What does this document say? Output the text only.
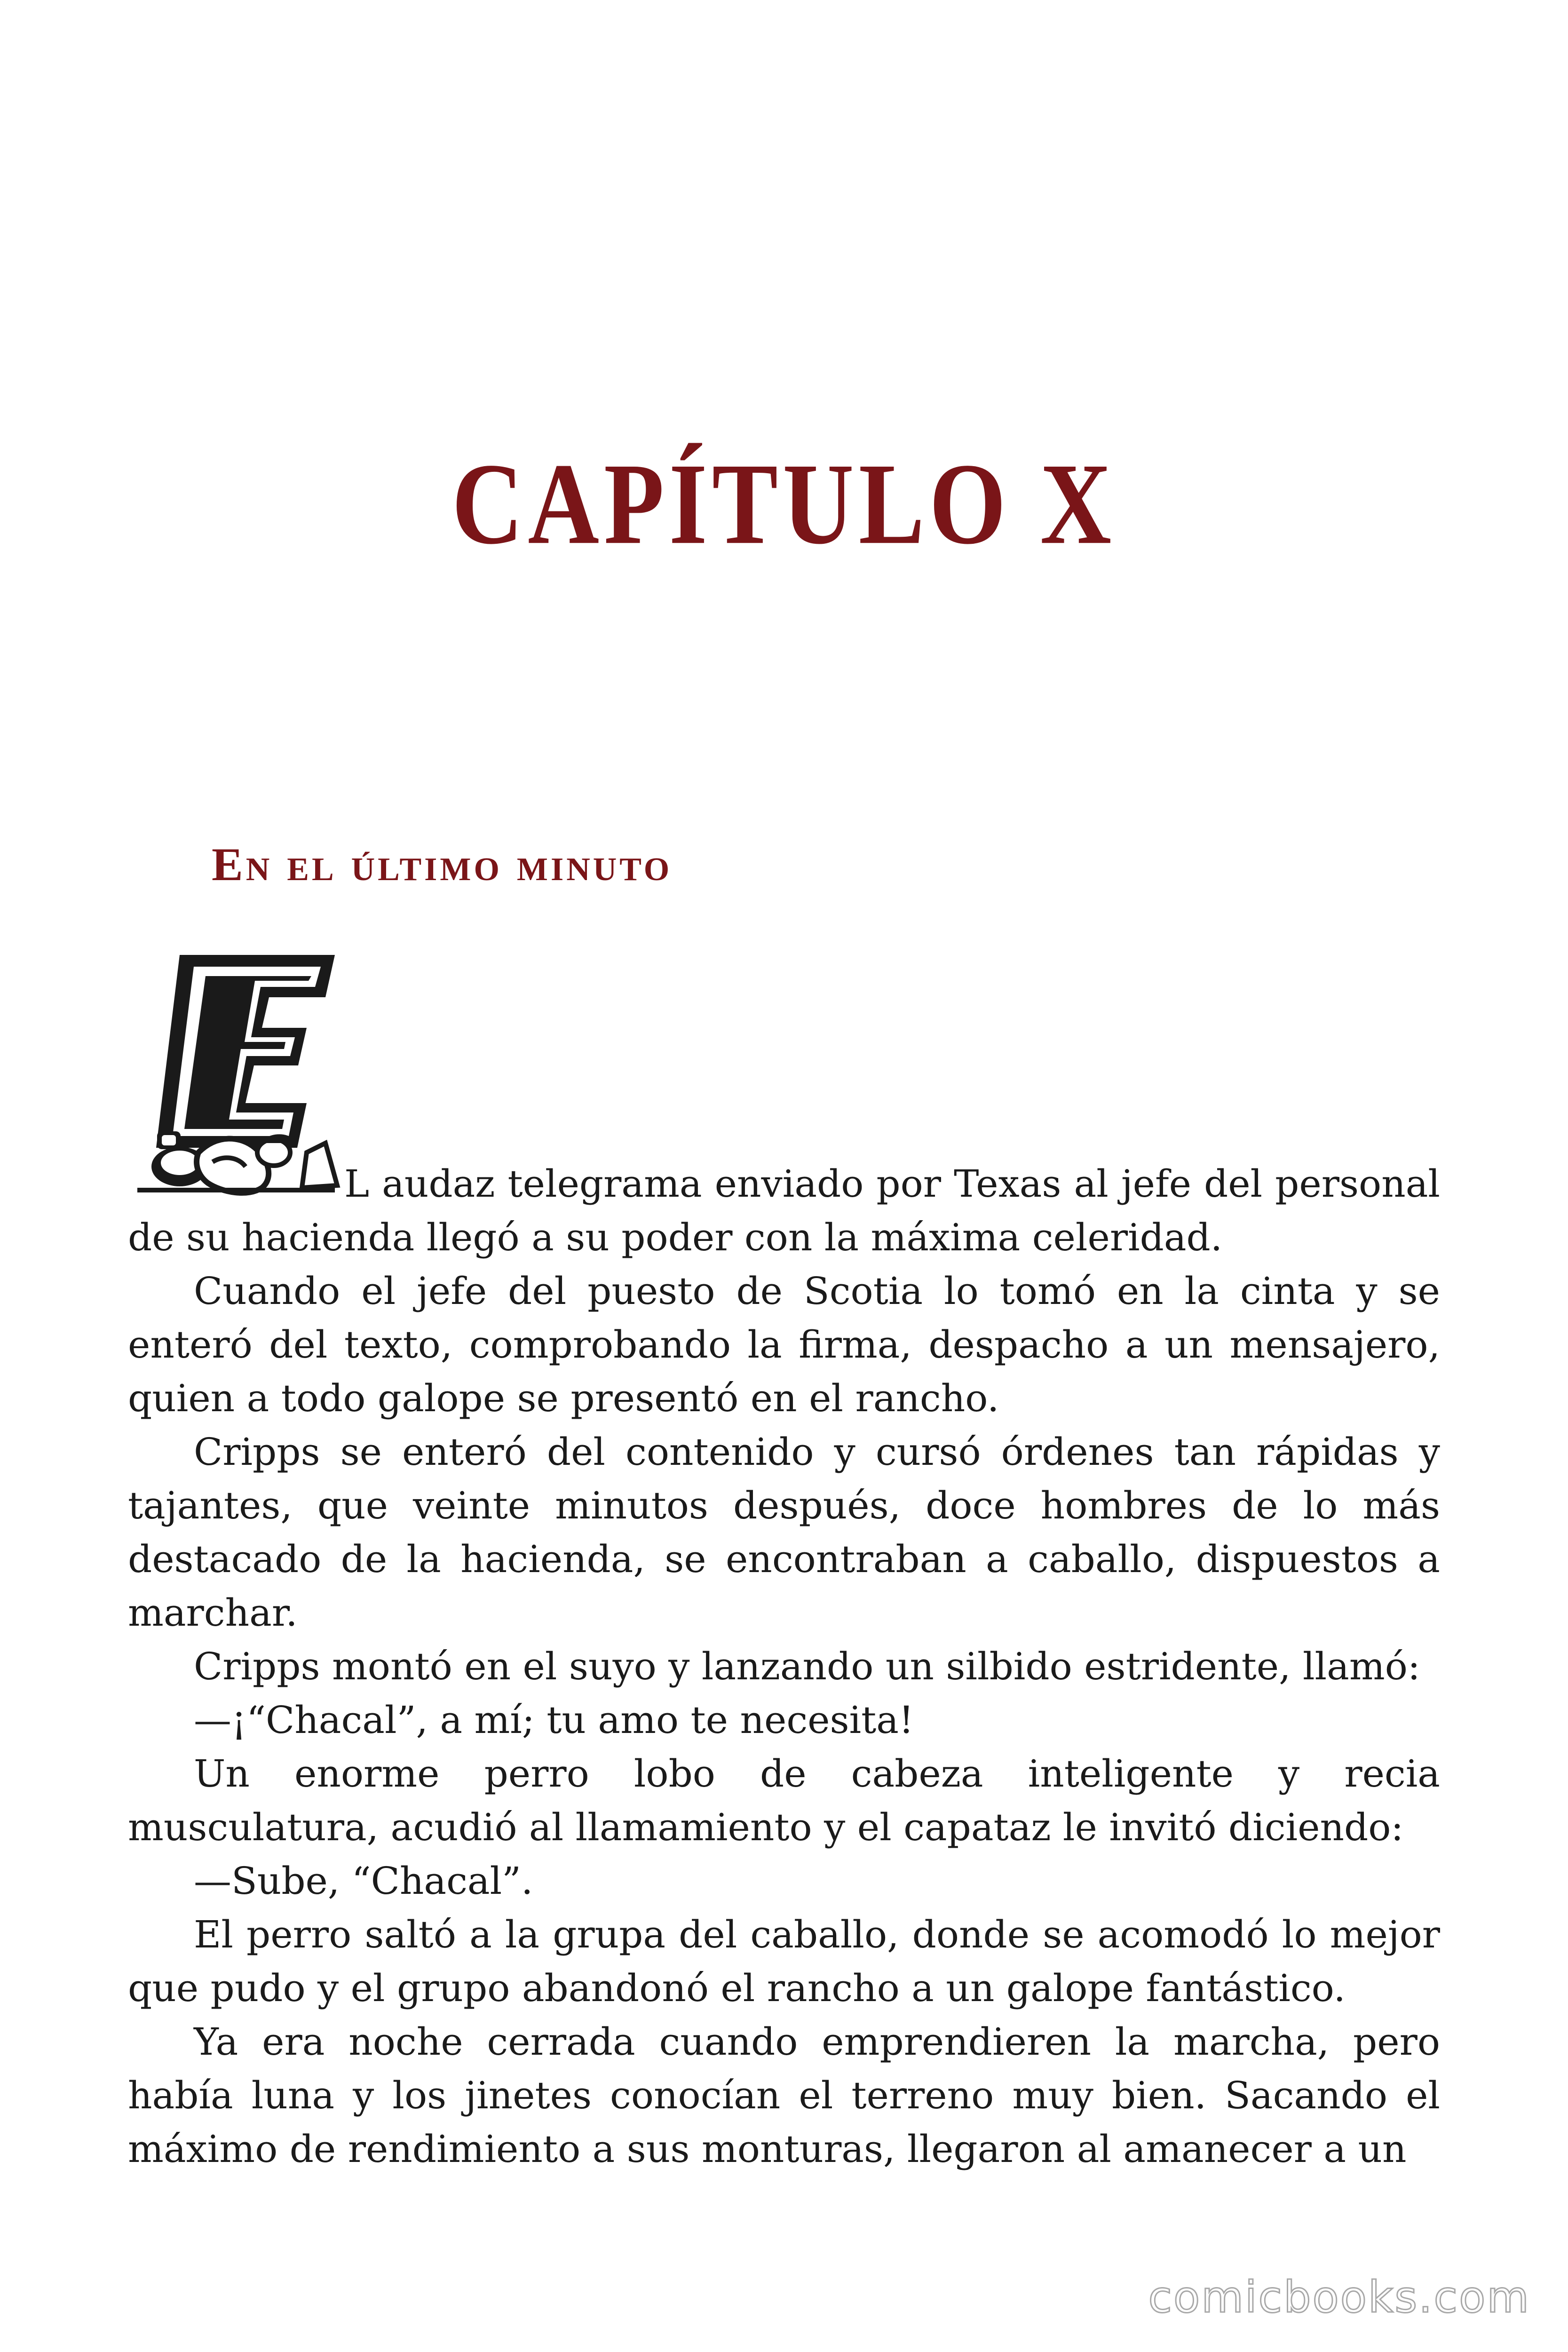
CAPÍTULO X
En el último minuto

L audaz telegrama enviado por Texas al jefe del personal de su hacienda llegó a su poder con la máxima celeridad.

Cuando el jefe del puesto de Scotia lo tomó en la cinta y se enteró del texto, comprobando la firma, despacho a un mensajero, quien a todo galope se presentó en el rancho.

Cripps se enteró del contenido y cursó órdenes tan rápidas y tajantes, que veinte minutos después, doce hombres de lo más destacado de la hacienda, se encontraban a caballo, dispuestos a marchar.

Cripps montó en el suyo y lanzando un silbido estridente, llamó:

—¡“Chacal”, a mí; tu amo te necesita!

Un enorme perro lobo de cabeza inteligente y recia musculatura, acudió al llamamiento y el capataz le invitó diciendo:

—Sube, “Chacal”.

El perro saltó a la grupa del caballo, donde se acomodó lo mejor que pudo y el grupo abandonó el rancho a un galope fantástico.

Ya era noche cerrada cuando emprendieren la marcha, pero había luna y los jinetes conocían el terreno muy bien. Sacando el máximo de rendimiento a sus monturas, llegaron al amanecer a un

comicbooks.com
